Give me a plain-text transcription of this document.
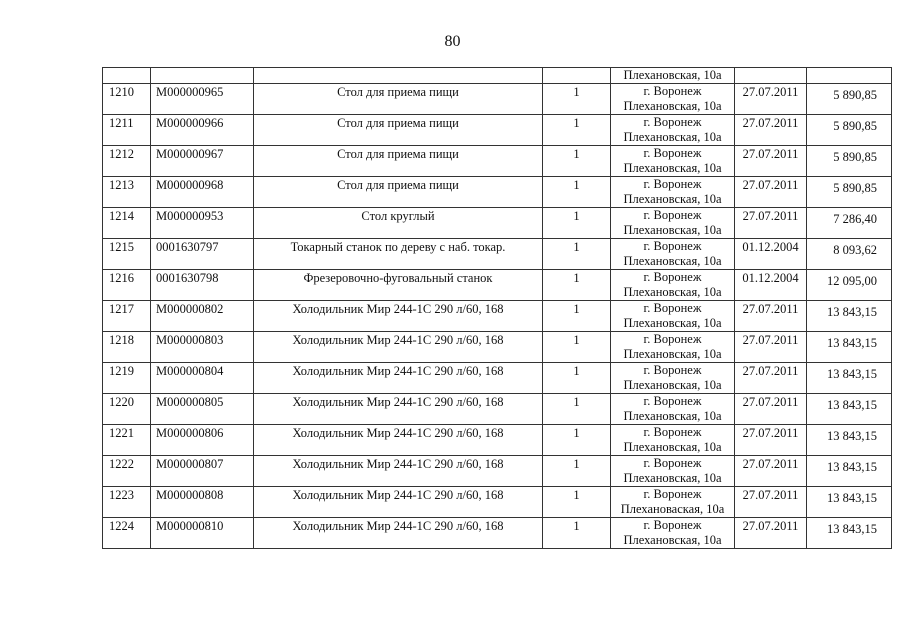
80

				Плехановская, 10а		

1210	M000000965	Стол для приема пищи	1	г. Воронеж
Плехановская, 10а	27.07.2011	5 890,85

1211	M000000966	Стол для приема пищи	1	г. Воронеж
Плехановская, 10а	27.07.2011	5 890,85

1212	M000000967	Стол для приема пищи	1	г. Воронеж
Плехановская, 10а	27.07.2011	5 890,85

1213	M000000968	Стол для приема пищи	1	г. Воронеж
Плехановская, 10а	27.07.2011	5 890,85

1214	M000000953	Стол круглый	1	г. Воронеж
Плехановская, 10а	27.07.2011	7 286,40

1215	0001630797	Токарный станок по дереву с наб. токар.	1	г. Воронеж
Плехановская, 10а	01.12.2004	8 093,62

1216	0001630798	Фрезеровочно-фуговальный станок	1	г. Воронеж
Плехановская, 10а	01.12.2004	12 095,00

1217	M000000802	Холодильник Мир 244-1С 290 л/60, 168	1	г. Воронеж
Плехановская, 10а	27.07.2011	13 843,15

1218	M000000803	Холодильник Мир 244-1С 290 л/60, 168	1	г. Воронеж
Плехановская, 10а	27.07.2011	13 843,15

1219	M000000804	Холодильник Мир 244-1С 290 л/60, 168	1	г. Воронеж
Плехановская, 10а	27.07.2011	13 843,15

1220	M000000805	Холодильник Мир 244-1С 290 л/60, 168	1	г. Воронеж
Плехановская, 10а	27.07.2011	13 843,15

1221	M000000806	Холодильник Мир 244-1С 290 л/60, 168	1	г. Воронеж
Плехановская, 10а	27.07.2011	13 843,15

1222	M000000807	Холодильник Мир 244-1С 290 л/60, 168	1	г. Воронеж
Плехановская, 10а	27.07.2011	13 843,15

1223	M000000808	Холодильник Мир 244-1С 290 л/60, 168	1	г. Воронеж
Плехановаская, 10а	27.07.2011	13 843,15

1224	M000000810	Холодильник Мир 244-1С 290 л/60, 168	1	г. Воронеж
Плехановская, 10а	27.07.2011	13 843,15
